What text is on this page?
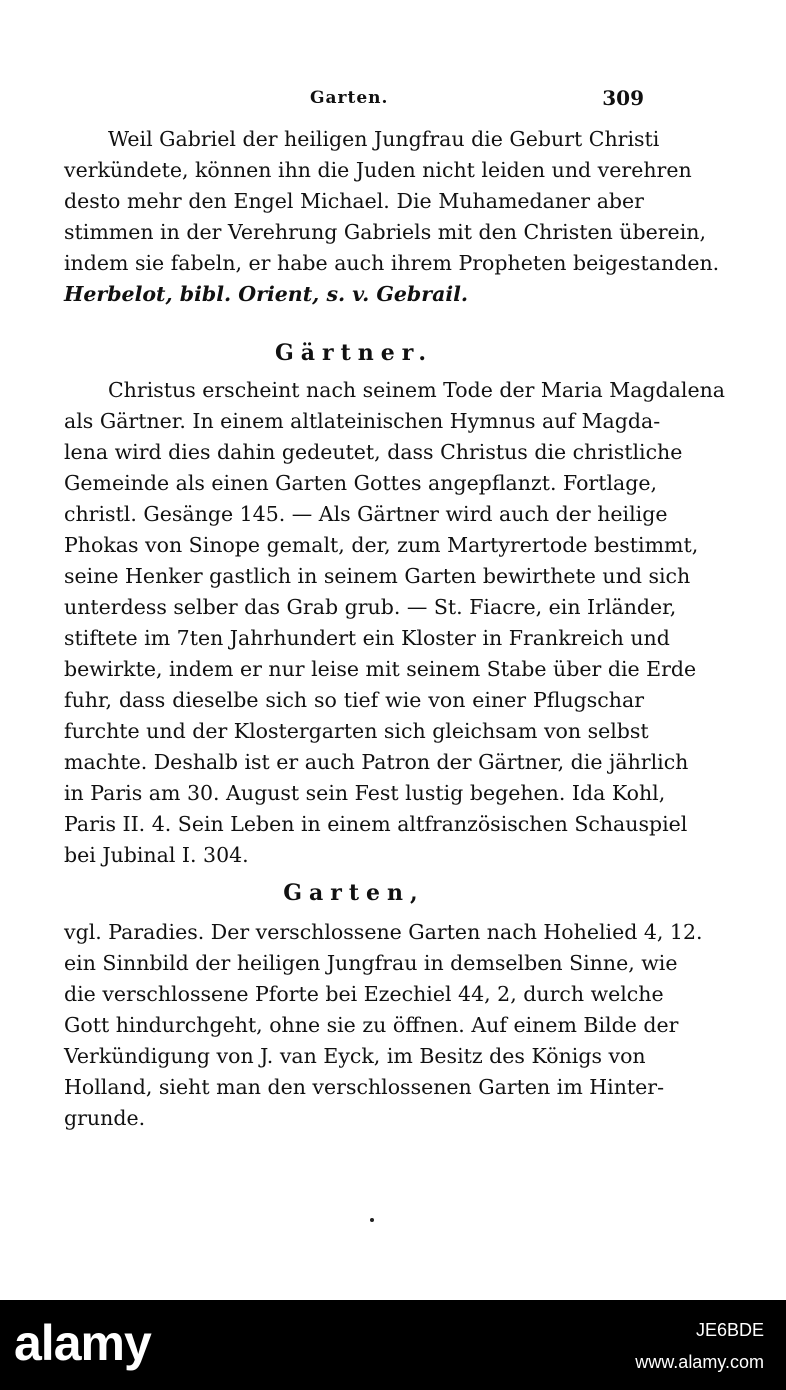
Garten.	309
Weil Gabriel der heiligen Jungfrau die Geburt Christi
verkündete, können ihn die Juden nicht leiden und verehren
desto mehr den Engel Michael. Die Muhamedaner aber
stimmen in der Verehrung Gabriels mit den Christen überein,
indem sie fabeln, er habe auch ihrem Propheten beigestanden.
Herbelot, bibl. Orient, s. v. Gebrail.
Gärtner.
Christus erscheint nach seinem Tode der Maria Magdalena
als Gärtner. In einem altlateinischen Hymnus auf Magda-
lena wird dies dahin gedeutet, dass Christus die christliche
Gemeinde als einen Garten Gottes angepflanzt. Fortlage,
christl. Gesänge 145. — Als Gärtner wird auch der heilige
Phokas von Sinope gemalt, der, zum Martyrertode bestimmt,
seine Henker gastlich in seinem Garten bewirthete und sich
unterdess selber das Grab grub. — St. Fiacre, ein Irländer,
stiftete im 7ten Jahrhundert ein Kloster in Frankreich und
bewirkte, indem er nur leise mit seinem Stabe über die Erde
fuhr, dass dieselbe sich so tief wie von einer Pflugschar
furchte und der Klostergarten sich gleichsam von selbst
machte. Deshalb ist er auch Patron der Gärtner, die jährlich
in Paris am 30. August sein Fest lustig begehen. Ida Kohl,
Paris II. 4. Sein Leben in einem altfranzösischen Schauspiel
bei Jubinal I. 304.
Garten,
vgl. Paradies. Der verschlossene Garten nach Hohelied 4, 12.
ein Sinnbild der heiligen Jungfrau in demselben Sinne, wie
die verschlossene Pforte bei Ezechiel 44, 2, durch welche
Gott hindurchgeht, ohne sie zu öffnen. Auf einem Bilde der
Verkündigung von J. van Eyck, im Besitz des Königs von
Holland, sieht man den verschlossenen Garten im Hinter-
grunde.
alamy	JE6BDE
www.alamy.com
